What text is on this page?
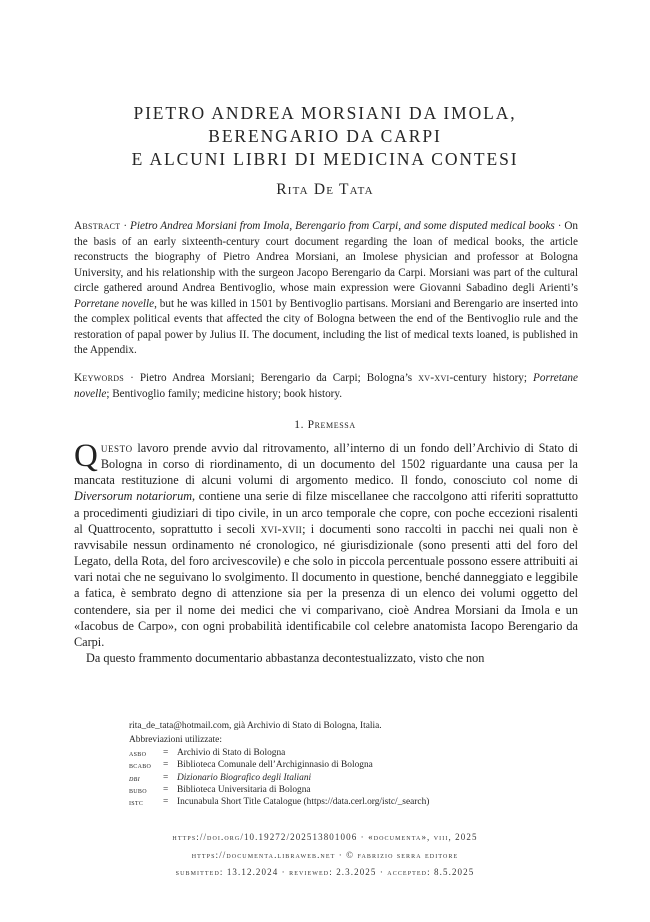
PIETRO ANDREA MORSIANI DA IMOLA,
BERENGARIO DA CARPI
E ALCUNI LIBRI DI MEDICINA CONTESI
Rita De Tata
Abstract · Pietro Andrea Morsiani from Imola, Berengario from Carpi, and some disputed medical books · On the basis of an early sixteenth-century court document regarding the loan of medical books, the article reconstructs the biography of Pietro Andrea Morsiani, an Imolese physician and professor at Bologna University, and his relationship with the surgeon Jacopo Berengario da Carpi. Morsiani was part of the cultural circle gathered around Andrea Bentivoglio, whose main expression were Giovanni Sabadino degli Arienti’s Porretane novelle, but he was killed in 1501 by Bentivoglio partisans. Morsiani and Berengario are inserted into the complex political events that affected the city of Bologna between the end of the Bentivoglio rule and the restoration of papal power by Julius II. The document, including the list of medical texts loaned, is published in the Appendix.
Keywords · Pietro Andrea Morsiani; Berengario da Carpi; Bologna’s xv-xvi-century history; Porretane novelle; Bentivoglio family; medicine history; book history.
1. Premessa

Questo lavoro prende avvio dal ritrovamento, all’interno di un fondo dell’Archivio di Stato di Bologna in corso di riordinamento, di un documento del 1502 riguardante una causa per la mancata restituzione di alcuni volumi di argomento medico. Il fondo, conosciuto col nome di Diversorum notariorum, contiene una serie di filze miscellanee che raccolgono atti riferiti soprattutto a procedimenti giudiziari di tipo civile, in un arco temporale che copre, con poche eccezioni risalenti al Quattrocento, soprattutto i secoli xvi-xvii; i documenti sono raccolti in pacchi nei quali non è ravvisabile nessun ordinamento né cronologico, né giurisdizionale (sono presenti atti del foro del Legato, della Rota, del foro arcivescovile) e che solo in piccola percentuale possono essere attribuiti ai vari notai che ne seguivano lo svolgimento. Il documento in questione, benché danneggiato e leggibile a fatica, è sembrato degno di attenzione sia per la presenza di un elenco dei volumi oggetto del contendere, sia per il nome dei medici che vi comparivano, cioè Andrea Morsiani da Imola e un «Iacobus de Carpo», con ogni probabilità identificabile col celebre anatomista Iacopo Berengario da Carpi.

Da questo frammento documentario abbastanza decontestualizzato, visto che non

rita_de_tata@hotmail.com, già Archivio di Stato di Bologna, Italia.
Abbreviazioni utilizzate:
asbo	= Archivio di Stato di Bologna
bcabo	= Biblioteca Comunale dell’Archiginnasio di Bologna
dbi	= Dizionario Biografico degli Italiani
bubo	= Biblioteca Universitaria di Bologna
istc	= Incunabula Short Title Catalogue (https://data.cerl.org/istc/_search)
https://doi.org/10.19272/202513801006 · «documenta», viii, 2025
https://documenta.libraweb.net · © fabrizio serra editore
submitted: 13.12.2024 · reviewed: 2.3.2025 · accepted: 8.5.2025
